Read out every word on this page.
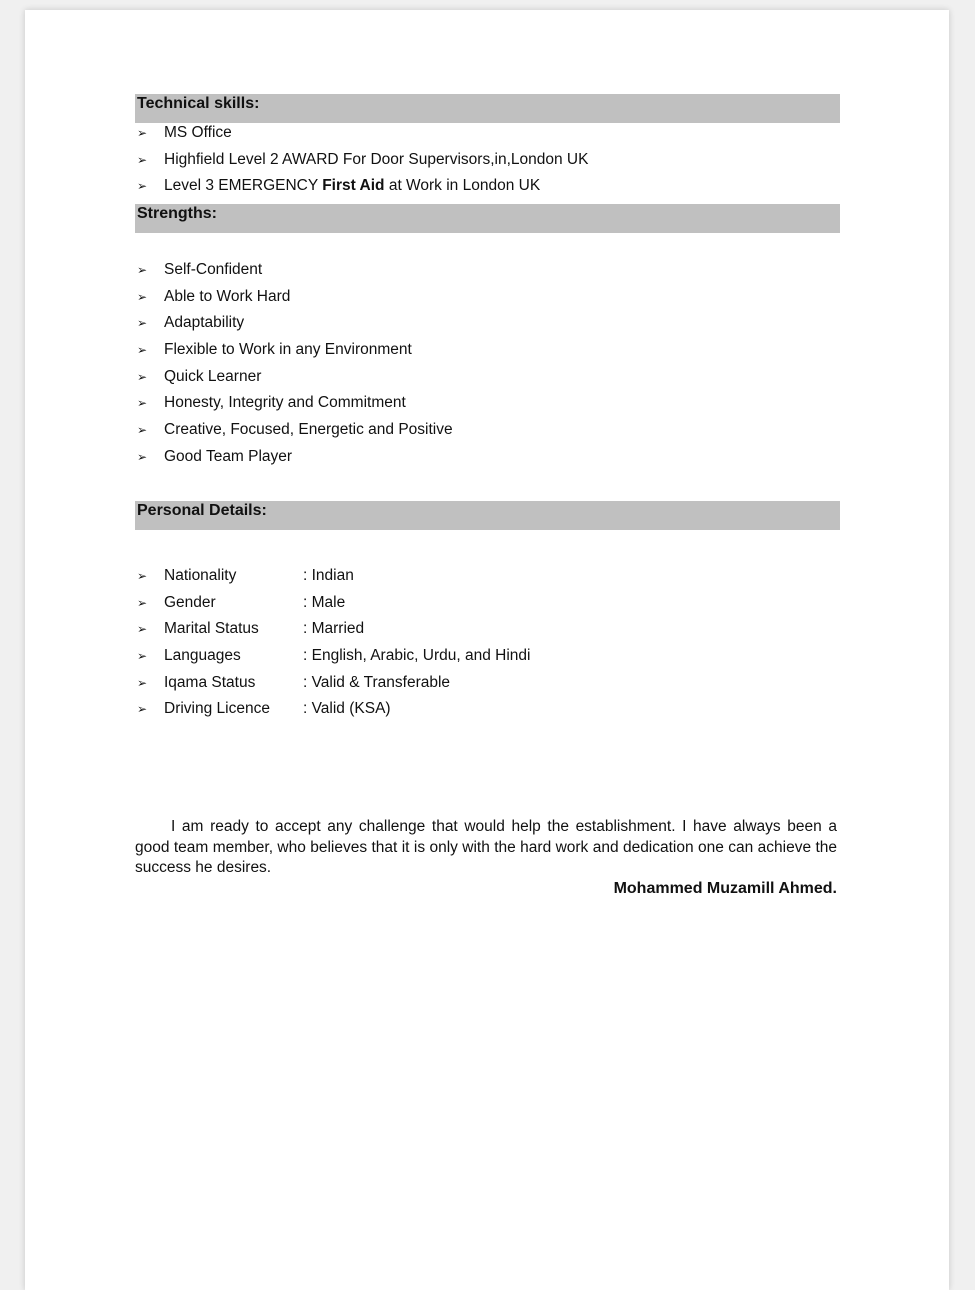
Technical skills:
➢ MS Office
➢ Highfield Level 2 AWARD For Door Supervisors,in,London UK
➢ Level 3 EMERGENCY First Aid at Work in London UK
Strengths:
➢ Self-Confident
➢ Able to Work Hard
➢ Adaptability
➢ Flexible to Work in any Environment
➢ Quick Learner
➢ Honesty, Integrity and Commitment
➢ Creative, Focused, Energetic and Positive
➢ Good Team Player
Personal Details:
➢ Nationality	: Indian
➢ Gender	: Male
➢ Marital Status	: Married
➢ Languages	: English, Arabic, Urdu, and Hindi
➢ Iqama Status	: Valid & Transferable
➢ Driving Licence : Valid (KSA)

I am ready to accept any challenge that would help the establishment. I have always been a good team member, who believes that it is only with the hard work and dedication one can achieve the success he desires.

Mohammed Muzamill Ahmed.
